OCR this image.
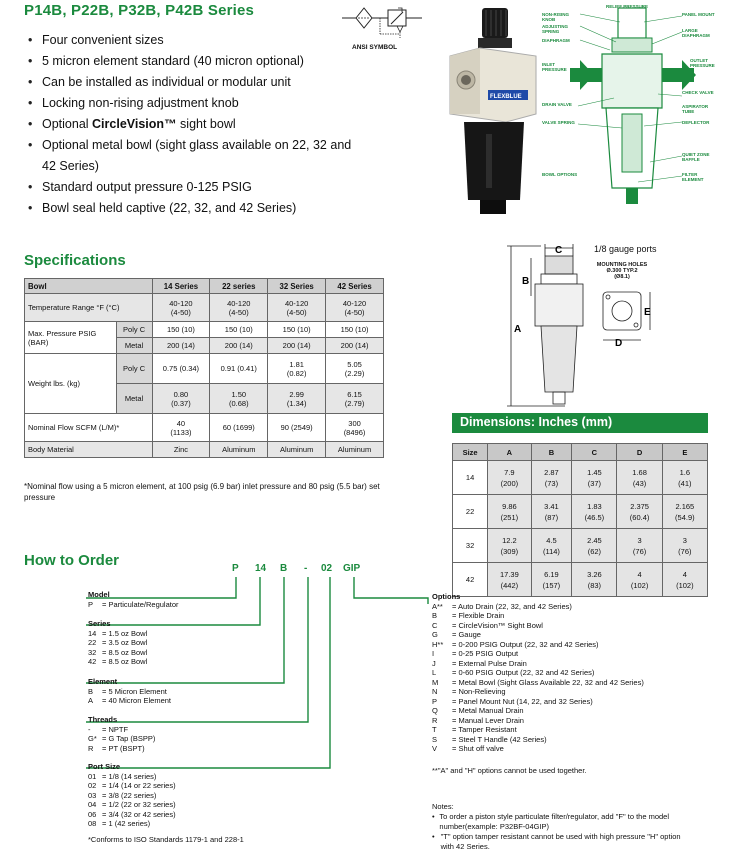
P14B, P22B, P32B, P42B Series
• Four convenient sizes
• 5 micron element standard (40 micron optional)
• Can be installed as individual or modular unit
• Locking non-rising adjustment knob
• Optional CircleVision™ sight bowl
• Optional metal bowl (sight glass available on 22, 32 and
42 Series)
• Standard output pressure 0-125 PSIG
• Bowl seal held captive (22, 32, and 42 Series)
ANSI SYMBOL
FLEXBLUE
NON-RISING KNOB
ADJUSTING SPRING
DIAPHRAGM
RELIEF PRESSURE
INLET PRESSURE
OUTLET PRESSURE
DRAIN VALVE
VALVE SPRING
BOWL OPTIONS
PANEL MOUNT
LARGE DIAPHRAGM
CHECK VALVE
ASPIRATOR TUBE
DEFLECTOR
QUIET ZONE BAFFLE
FILTER ELEMENT
Specifications
Bowl		14 Series	22 series	32 Series	42 Series
Temperature Range °F (°C)		40-120
(4-50)	40-120
(4-50)	40-120
(4-50)	40-120
(4-50)
Max. Pressure PSIG (BAR)	Poly C	150 (10)	150 (10)	150 (10)	150 (10)
	Metal	200 (14)	200 (14)	200 (14)	200 (14)
Weight lbs. (kg)	Poly C	0.75 (0.34)	0.91 (0.41)	1.81
(0.82)	5.05
(2.29)
	Metal	0.80
(0.37)	1.50
(0.68)	2.99
(1.34)	6.15
(2.79)
Nominal Flow SCFM (L/M)*		40
(1133)	60 (1699)	90 (2549)	300
(8496)
Body Material		Zinc	Aluminum	Aluminum	Aluminum
*Nominal flow using a 5 micron element, at 100 psig (6.9 bar) inlet pressure and 80 psig (5.5 bar) set pressure
A
B
C
D
E
1/8 gauge ports
MOUNTING HOLES
Ø.300 TYP.2
(Ø8.1)
Dimensions: Inches (mm)
Size	A	B	C	D	E
14	7.9
(200)	2.87
(73)	1.45
(37)	1.68
(43)	1.6
(41)
22	9.86
(251)	3.41
(87)	1.83
(46.5)	2.375
(60.4)	2.165
(54.9)
32	12.2
(309)	4.5
(114)	2.45
(62)	3
(76)	3
(76)
42	17.39
(442)	6.19
(157)	3.26
(83)	4
(102)	4
(102)
How to Order	P 14 B - 02 GIP
Model
P	= Particulate/Regulator
Series
14 = 1.5 oz Bowl
22 = 3.5 oz Bowl
32 = 8.5 oz Bowl
42 = 8.5 oz Bowl
Element
B	= 5 Micron Element
A	= 40 Micron Element
Threads
-	= NPTF
G* = G Tap (BSPP)
R	= PT (BSPT)
Port Size
01 = 1/8 (14 series)
02 = 1/4 (14 or 22 series)
03 = 3/8 (22 series)
04 = 1/2 (22 or 32 series)
06 = 3/4 (32 or 42 series)
08 = 1 (42 series)
*Conforms to ISO Standards 1179-1 and 228-1
Options
A**	= Auto Drain (22, 32, and 42 Series)
B	= Flexible Drain
C	= CircleVision™ Sight Bowl
G	= Gauge
H**	= 0-200 PSIG Output (22, 32 and 42 Series)
I	= 0-25 PSIG Output
J	= External Pulse Drain
L	= 0-60 PSIG Output (22, 32 and 42 Series)
M	= Metal Bowl (Sight Glass Available 22, 32 and 42 Series)
N	= Non-Relieving
P	= Panel Mount Nut (14, 22, and 32 Series)
Q	= Metal Manual Drain
R	= Manual Lever Drain
T	= Tamper Resistant
S	= Steel T Handle (42 Series)
V	= Shut off valve
**"A" and "H" options cannot be used together.
Notes:
• To order a piston style particulate filter/regulator, add "F" to the model number(example: P32BF-04GIP)
• "T" option tamper resistant cannot be used with high pressure "H" option with 42 Series.
